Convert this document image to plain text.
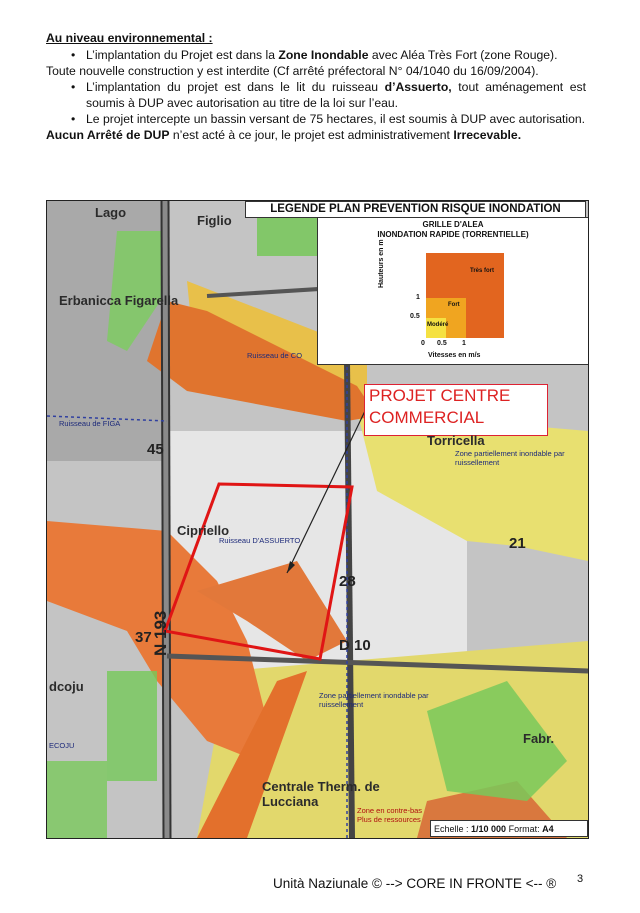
Au niveau environnemental :
• L’implantation du Projet est dans la Zone Inondable avec Aléa Très Fort (zone Rouge).
Toute nouvelle construction y est interdite (Cf arrêté préfectoral N° 04/1040 du 16/09/2004).
• L’implantation du projet est dans le lit du ruisseau d’Assuerto, tout aménagement est soumis à DUP avec autorisation au titre de la loi sur l’eau.
• Le projet intercepte un bassin versant de 75 hectares, il est soumis à DUP avec autorisation.
Aucun Arrêté de DUP n’est acté à ce jour, le projet est administrativement Irrecevable.
LEGENDE PLAN PREVENTION RISQUE INONDATION
GRILLE D'ALEA
INONDATION RAPIDE (TORRENTIELLE)
Hauteurs en m
Vitesses en m/s
1
0.5
0 0.5 1
Très fort
Fort
Modéré
PROJET CENTRE COMMERCIAL
Ruisseau de CO
Ruisseau de FIGA
Ruisseau D'ASSUERTO
Zone partiellement inondable par ruissellement
Zone partiellement inondable par ruissellement
Zone en contre-bas Plus de ressources
ECOJU
Figlio
Lago
Erbanicca Figarella
Torricella
Cipriello
Fabr.
Centrale Therm. de Lucciana
dcoju
N 193	D 10
28
45
37
21
Echelle : 1/10 000 Format: A4
Unità Naziunale © --> CORE IN FRONTE <-- ® 3
